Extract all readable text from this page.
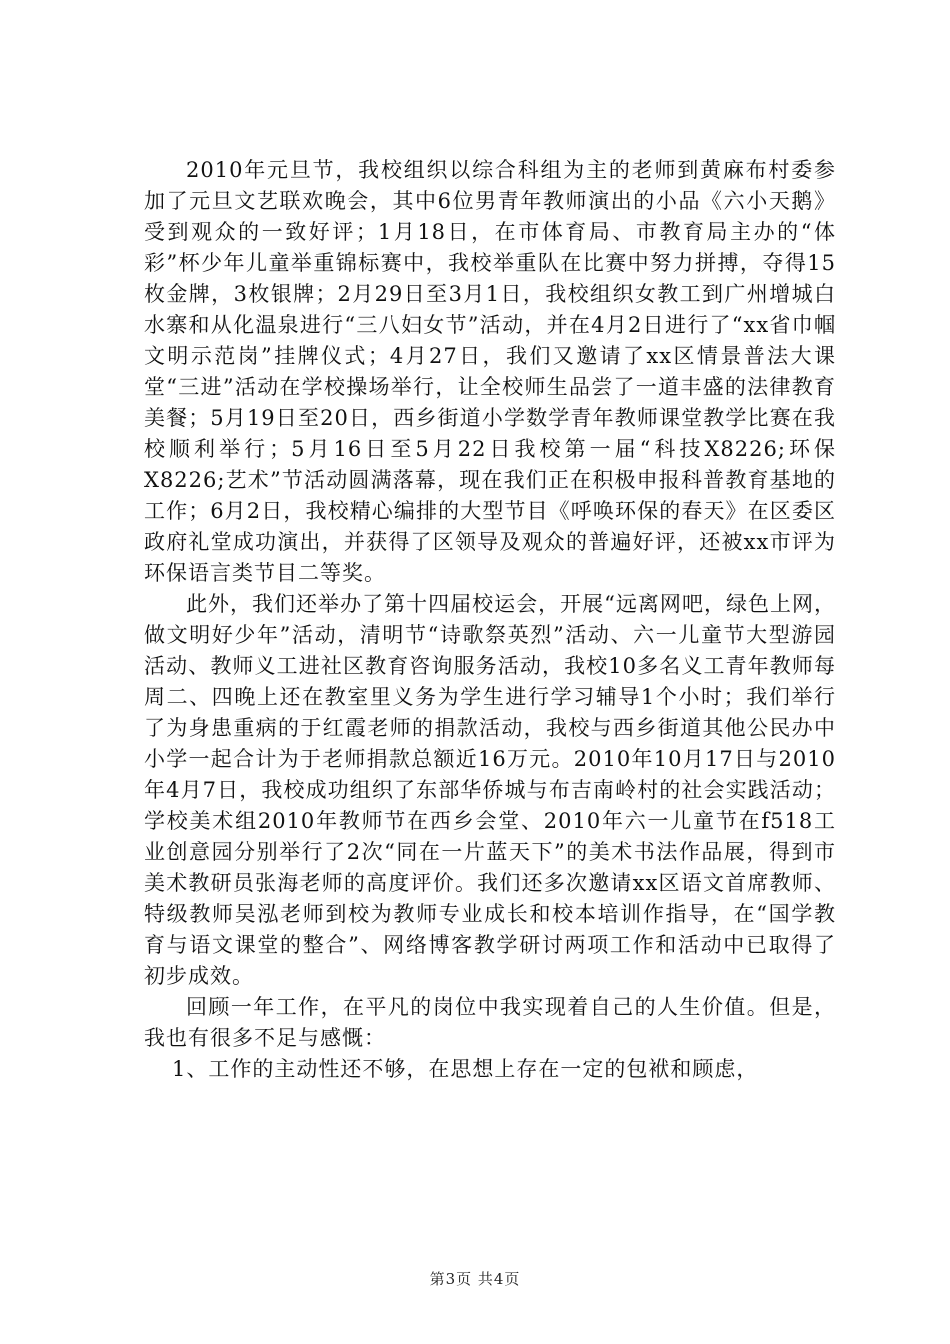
2010年元旦节，我校组织以综合科组为主的老师到黄麻布村委参加了元旦文艺联欢晚会，其中6位男青年教师演出的小品《六小天鹅》受到观众的一致好评；1月18日，在市体育局、市教育局主办的“体彩”杯少年儿童举重锦标赛中，我校举重队在比赛中努力拼搏，夺得15枚金牌，3枚银牌；2月29日至3月1日，我校组织女教工到广州增城白水寨和从化温泉进行“三八妇女节”活动，并在4月2日进行了“xx省巾帼文明示范岗”挂牌仪式；4月27日，我们又邀请了xx区情景普法大课堂“三进”活动在学校操场举行，让全校师生品尝了一道丰盛的法律教育美餐；5月19日至20日，西乡街道小学数学青年教师课堂教学比赛在我校顺利举行；5月16日至5月22日我校第一届“科技X8226;环保X8226;艺术”节活动圆满落幕，现在我们正在积极申报科普教育基地的工作；6月2日，我校精心编排的大型节目《呼唤环保的春天》在区委区政府礼堂成功演出，并获得了区领导及观众的普遍好评，还被xx市评为环保语言类节目二等奖。

此外，我们还举办了第十四届校运会，开展“远离网吧，绿色上网，做文明好少年”活动，清明节“诗歌祭英烈”活动、六一儿童节大型游园活动、教师义工进社区教育咨询服务活动，我校10多名义工青年教师每周二、四晚上还在教室里义务为学生进行学习辅导1个小时；我们举行了为身患重病的于红霞老师的捐款活动，我校与西乡街道其他公民办中小学一起合计为于老师捐款总额近16万元。2010年10月17日与2010年4月7日，我校成功组织了东部华侨城与布吉南岭村的社会实践活动；学校美术组2010年教师节在西乡会堂、2010年六一儿童节在f518工业创意园分别举行了2次“同在一片蓝天下”的美术书法作品展，得到市美术教研员张海老师的高度评价。我们还多次邀请xx区语文首席教师、特级教师吴泓老师到校为教师专业成长和校本培训作指导，在“国学教育与语文课堂的整合”、网络博客教学研讨两项工作和活动中已取得了初步成效。

回顾一年工作，在平凡的岗位中我实现着自己的人生价值。但是，我也有很多不足与感慨：

1、工作的主动性还不够，在思想上存在一定的包袱和顾虑，

第3页 共4页
